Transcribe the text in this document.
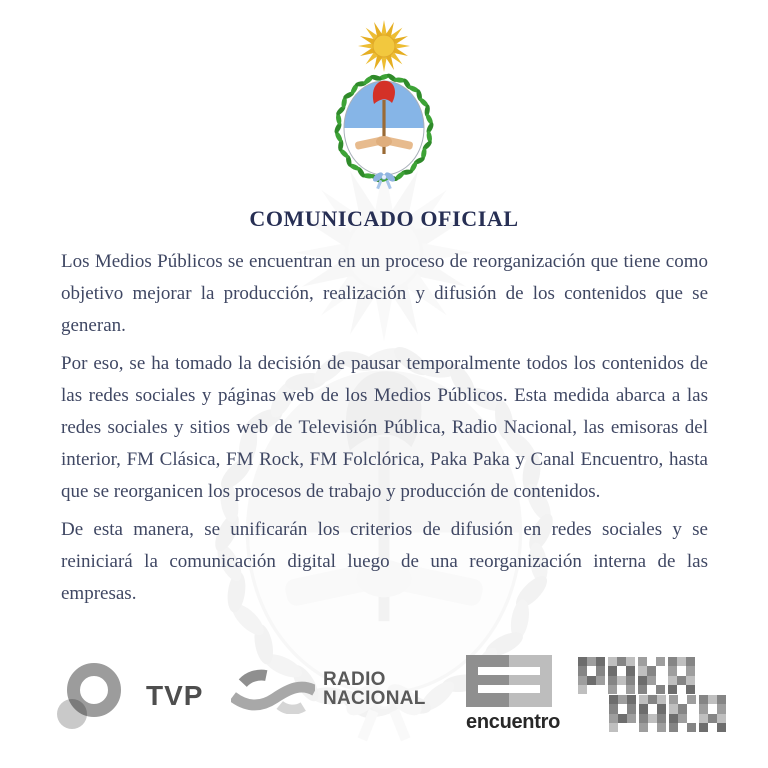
COMUNICADO OFICIAL

Los Medios Públicos se encuentran en un proceso de reorganización que tiene como objetivo mejorar la producción, realización y difusión de los contenidos que se generan.

Por eso, se ha tomado la decisión de pausar temporalmente todos los contenidos de las redes sociales y páginas web de los Medios Públicos. Esta medida abarca a las redes sociales y sitios web de Televisión Pública, Radio Nacional, las emisoras del interior, FM Clásica, FM Rock, FM Folclórica, Paka Paka y Canal Encuentro, hasta que se reorganicen los procesos de trabajo y producción de contenidos.

De esta manera, se unificarán los criterios de difusión en redes sociales y se reiniciará la comunicación digital luego de una reorganización interna de las empresas.

TVP
RADIO
NACIONAL
encuentro
